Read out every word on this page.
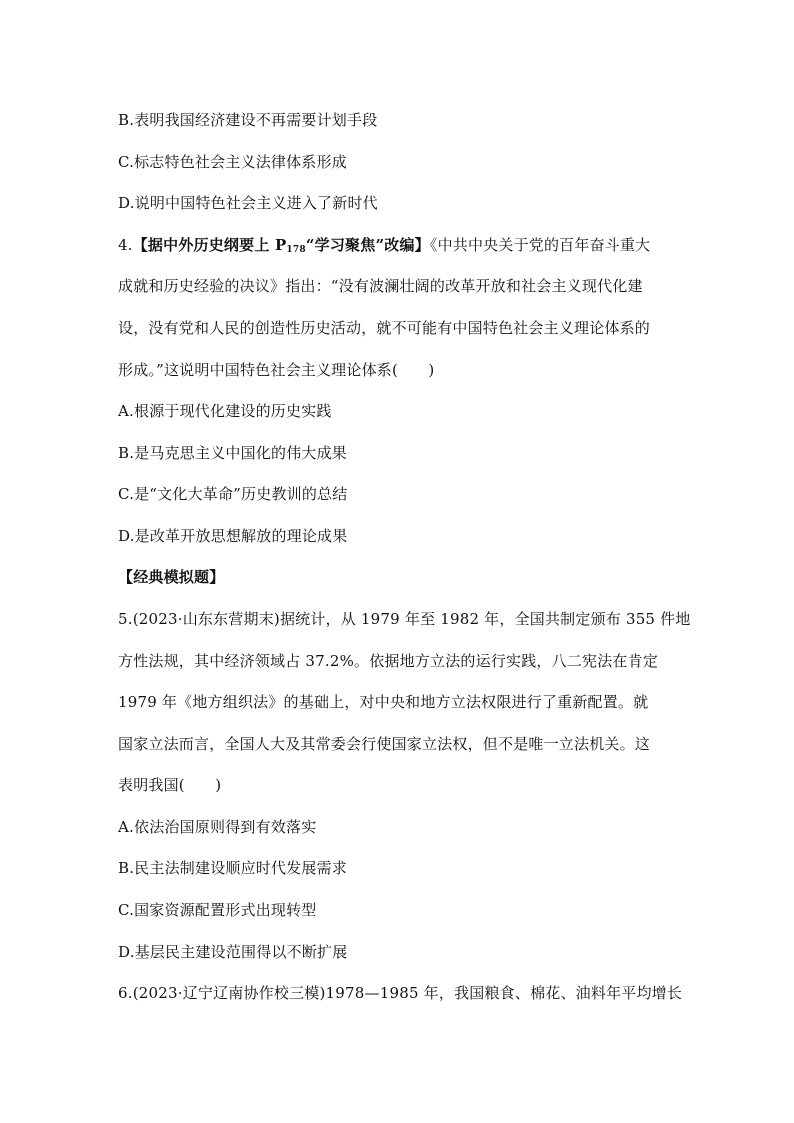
B.表明我国经济建设不再需要计划手段
C.标志特色社会主义法律体系形成
D.说明中国特色社会主义进入了新时代
4.【据中外历史纲要上 $P_{178}“$学习聚焦”改编】《中共中央关于党的百年奋斗重大
成就和历史经验的决议》指出：“没有波澜壮阔的改革开放和社会主义现代化建
设，没有党和人民的创造性历史活动，就不可能有中国特色社会主义理论体系的
形成。”这说明中国特色社会主义理论体系(　　)
A.根源于现代化建设的历史实践
B.是马克思主义中国化的伟大成果
C.是“文化大革命”历史教训的总结
D.是改革开放思想解放的理论成果
【经典模拟题】
5.(2023·山东东营期末)据统计，从 1979 年至 1982 年，全国共制定颁布 355 件地
方性法规，其中经济领域占 37.2%。依据地方立法的运行实践，八二宪法在肯定
1979 年《地方组织法》的基础上，对中央和地方立法权限进行了重新配置。就
国家立法而言，全国人大及其常委会行使国家立法权，但不是唯一立法机关。这
表明我国(　　)
A.依法治国原则得到有效落实
B.民主法制建设顺应时代发展需求
C.国家资源配置形式出现转型
D.基层民主建设范围得以不断扩展
6.(2023·辽宁辽南协作校三模)1978—1985 年，我国粮食、棉花、油料年平均增长
